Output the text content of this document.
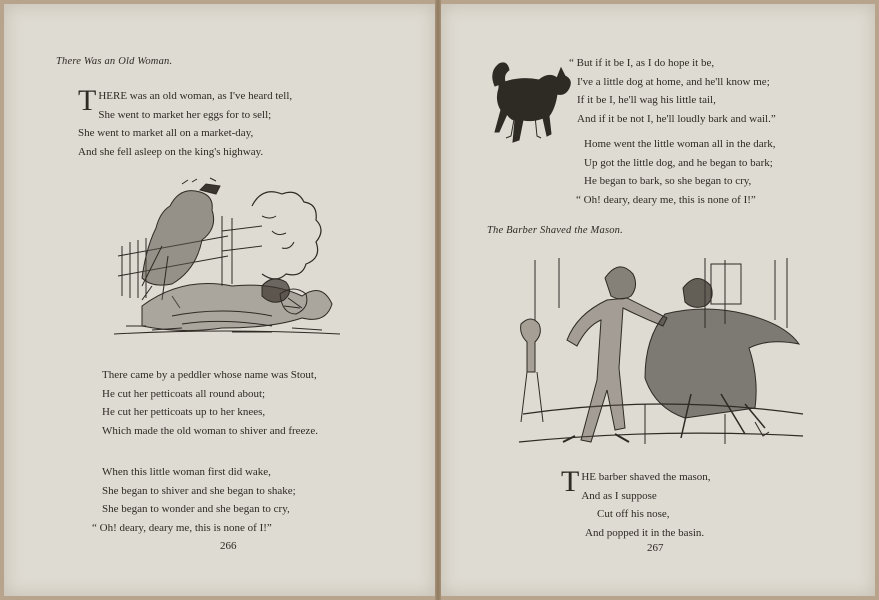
There Was an Old Woman.
T HERE was an old woman, as I've heard tell,
She went to market her eggs for to sell;
She went to market all on a market-day,
And she fell asleep on the king's highway.
There came by a peddler whose name was Stout,
He cut her petticoats all round about;
He cut her petticoats up to her knees,
Which made the old woman to shiver and freeze.
When this little woman first did wake,
She began to shiver and she began to shake;
She began to wonder and she began to cry,
“ Oh! deary, deary me, this is none of I!”
266
“ But if it be I, as I do hope it be,
I've a little dog at home, and he'll know me;
If it be I, he'll wag his little tail,
And if it be not I, he'll loudly bark and wail.”
Home went the little woman all in the dark,
Up got the little dog, and he began to bark;
He began to bark, so she began to cry,
“ Oh! deary, deary me, this is none of I!”
The Barber Shaved the Mason.
T HE barber shaved the mason,
And as I suppose
Cut off his nose,
And popped it in the basin.
267
